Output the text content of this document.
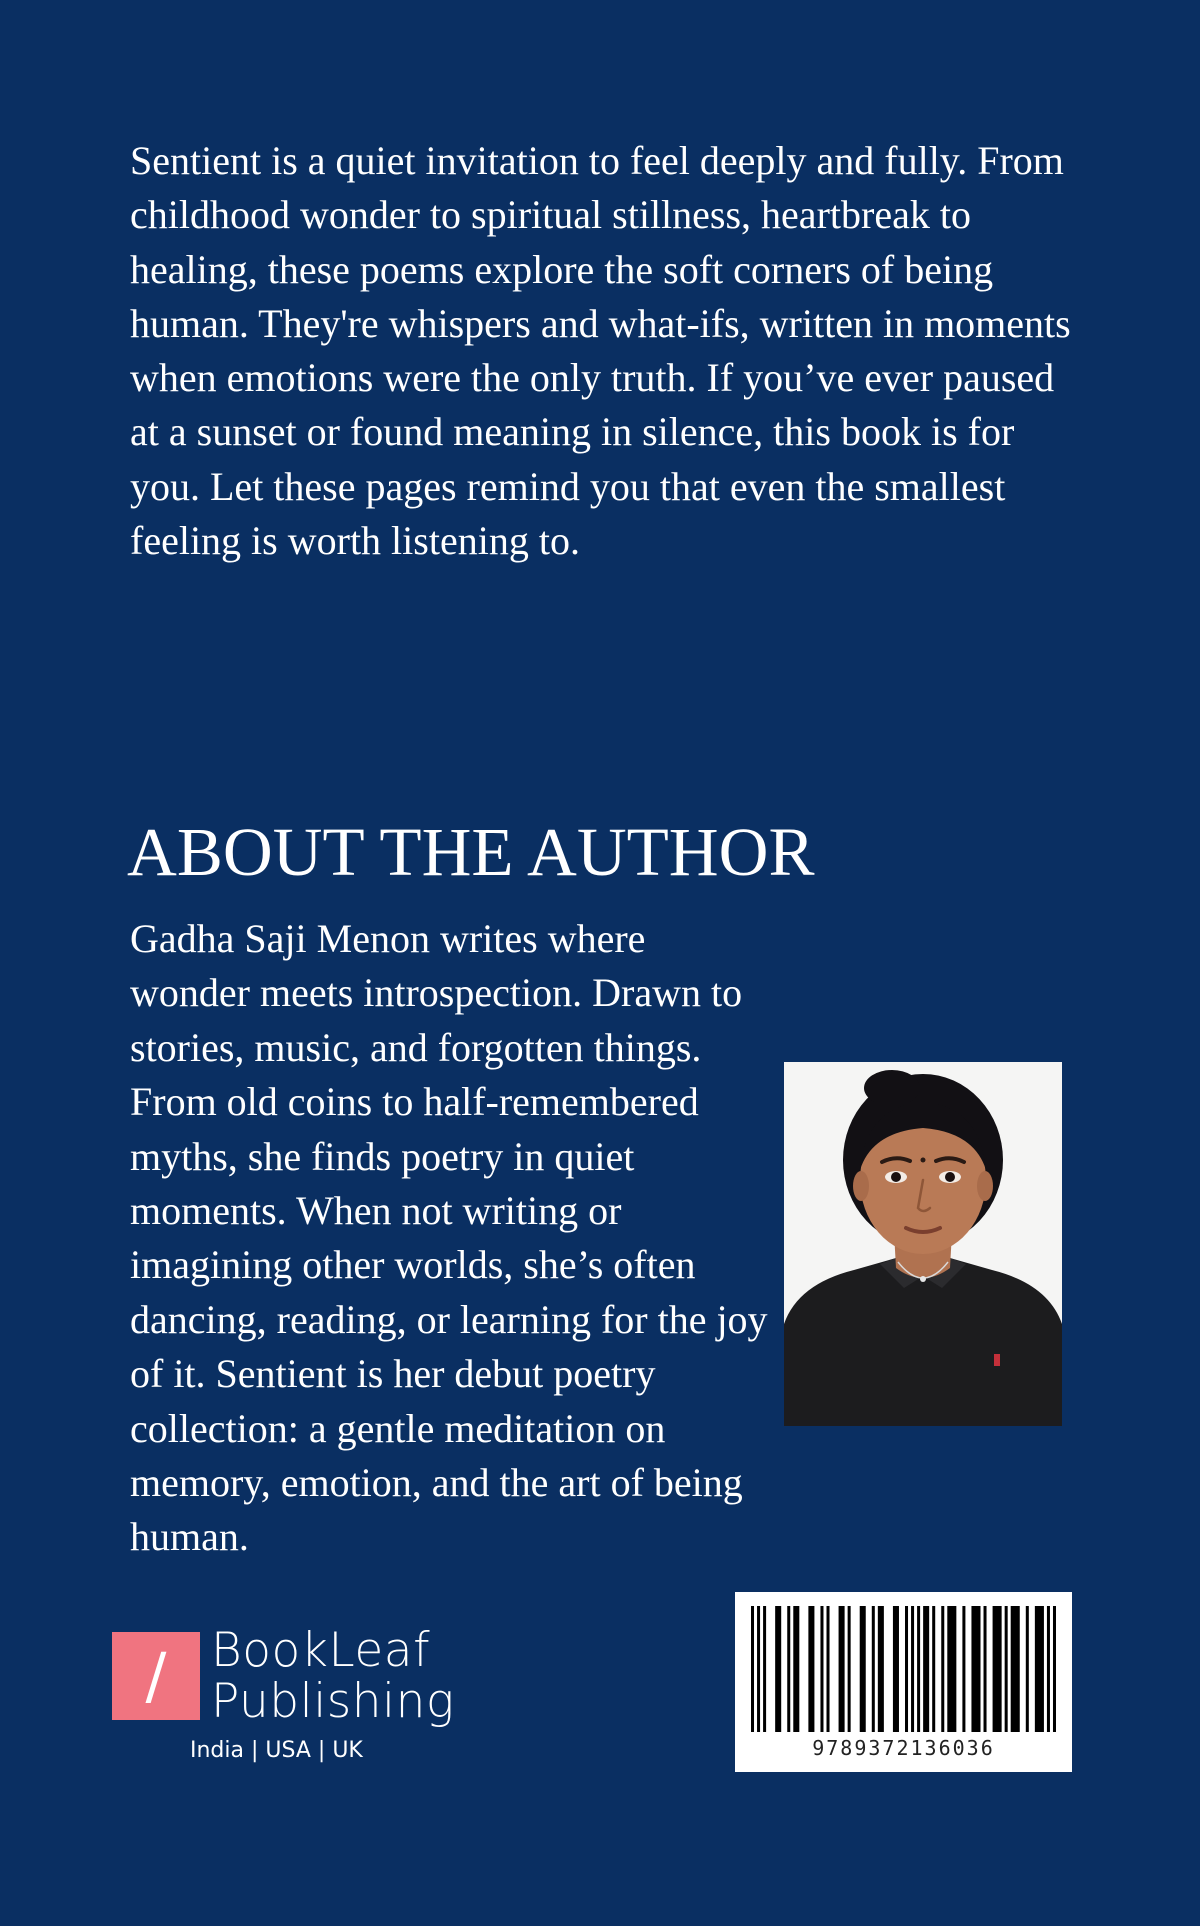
Sentient is a quiet invitation to feel deeply and fully. From childhood wonder to spiritual stillness, heartbreak to healing, these poems explore the soft corners of being human. They're whispers and what-ifs, written in moments when emotions were the only truth. If you’ve ever paused at a sunset or found meaning in silence, this book is for you. Let these pages remind you that even the smallest feeling is worth listening to.

ABOUT THE AUTHOR

Gadha Saji Menon writes where wonder meets introspection. Drawn to stories, music, and forgotten things. From old coins to half-remembered myths, she finds poetry in quiet moments. When not writing or imagining other worlds, she’s often dancing, reading, or learning for the joy of it. Sentient is her debut poetry collection: a gentle meditation on memory, emotion, and the art of being human.

/ BookLeaf
Publishing
India | USA | UK	9789372136036
